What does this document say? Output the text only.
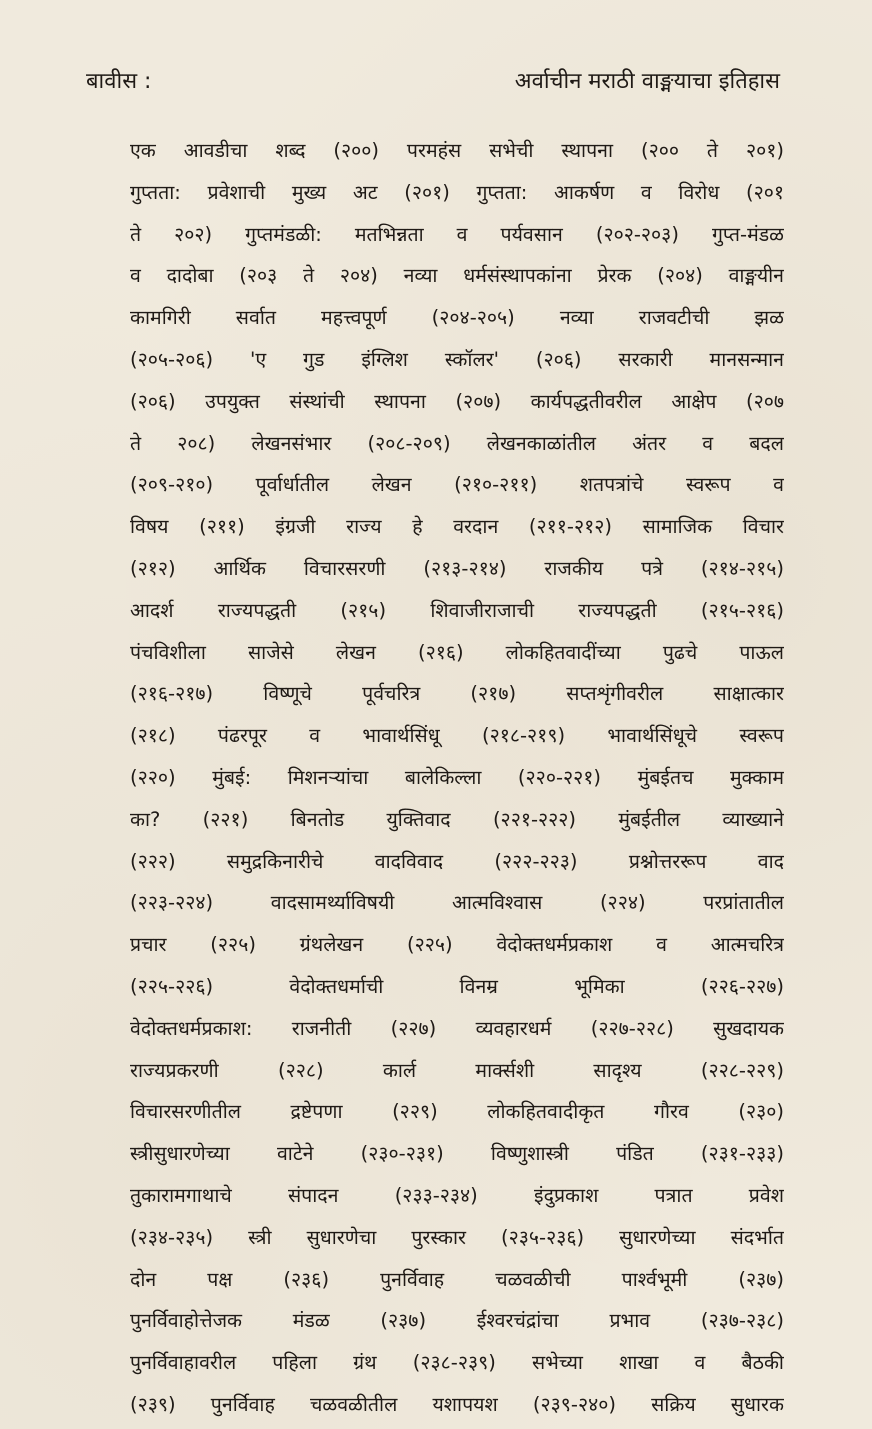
बावीस :	अर्वाचीन मराठी वाङ्मयाचा इतिहास
एक आवडीचा शब्द (२००) परमहंस सभेची स्थापना (२०० ते २०१)
गुप्तता: प्रवेशाची मुख्य अट (२०१) गुप्तता: आकर्षण व विरोध (२०१
ते २०२) गुप्तमंडळी: मतभिन्नता व पर्यवसान (२०२-२०३) गुप्त-मंडळ
व दादोबा (२०३ ते २०४) नव्या धर्मसंस्थापकांना प्रेरक (२०४) वाङ्मयीन
कामगिरी सर्वात महत्त्वपूर्ण (२०४-२०५) नव्या राजवटीची झळ
(२०५-२०६) 'ए गुड इंग्लिश स्कॉलर' (२०६) सरकारी मानसन्मान
(२०६) उपयुक्त संस्थांची स्थापना (२०७) कार्यपद्धतीवरील आक्षेप (२०७
ते २०८) लेखनसंभार (२०८-२०९) लेखनकाळांतील अंतर व बदल
(२०९-२१०) पूर्वार्धातील लेखन (२१०-२११) शतपत्रांचे स्वरूप व
विषय (२११) इंग्रजी राज्य हे वरदान (२११-२१२) सामाजिक विचार
(२१२) आर्थिक विचारसरणी (२१३-२१४) राजकीय पत्रे (२१४-२१५)
आदर्श राज्यपद्धती (२१५) शिवाजीराजाची राज्यपद्धती (२१५-२१६)
पंचविशीला साजेसे लेखन (२१६) लोकहितवादींच्या पुढचे पाऊल
(२१६-२१७) विष्णूचे पूर्वचरित्र (२१७) सप्तशृंगीवरील साक्षात्कार
(२१८) पंढरपूर व भावार्थसिंधू (२१८-२१९) भावार्थसिंधूचे स्वरूप
(२२०) मुंबई: मिशनऱ्यांचा बालेकिल्ला (२२०-२२१) मुंबईतच मुक्काम
का? (२२१) बिनतोड युक्तिवाद (२२१-२२२) मुंबईतील व्याख्याने
(२२२) समुद्रकिनारीचे वादविवाद (२२२-२२३) प्रश्नोत्तररूप वाद
(२२३-२२४) वादसामर्थ्याविषयी आत्मविश्वास (२२४) परप्रांतातील
प्रचार (२२५) ग्रंथलेखन (२२५) वेदोक्तधर्मप्रकाश व आत्मचरित्र
(२२५-२२६) वेदोक्तधर्माची विनम्र भूमिका (२२६-२२७)
वेदोक्तधर्मप्रकाश: राजनीती (२२७) व्यवहारधर्म (२२७-२२८) सुखदायक
राज्यप्रकरणी (२२८) कार्ल मार्क्सशी सादृश्य (२२८-२२९)
विचारसरणीतील द्रष्टेपणा (२२९) लोकहितवादीकृत गौरव (२३०)
स्त्रीसुधारणेच्या वाटेने (२३०-२३१) विष्णुशास्त्री पंडित (२३१-२३३)
तुकारामगाथाचे संपादन (२३३-२३४) इंदुप्रकाश पत्रात प्रवेश
(२३४-२३५) स्त्री सुधारणेचा पुरस्कार (२३५-२३६) सुधारणेच्या संदर्भात
दोन पक्ष (२३६) पुनर्विवाह चळवळीची पार्श्वभूमी (२३७)
पुनर्विवाहोत्तेजक मंडळ (२३७) ईश्वरचंद्रांचा प्रभाव (२३७-२३८)
पुनर्विवाहावरील पहिला ग्रंथ (२३८-२३९) सभेच्या शाखा व बैठकी
(२३९) पुनर्विवाह चळवळीतील यशापयश (२३९-२४०) सक्रिय सुधारक
